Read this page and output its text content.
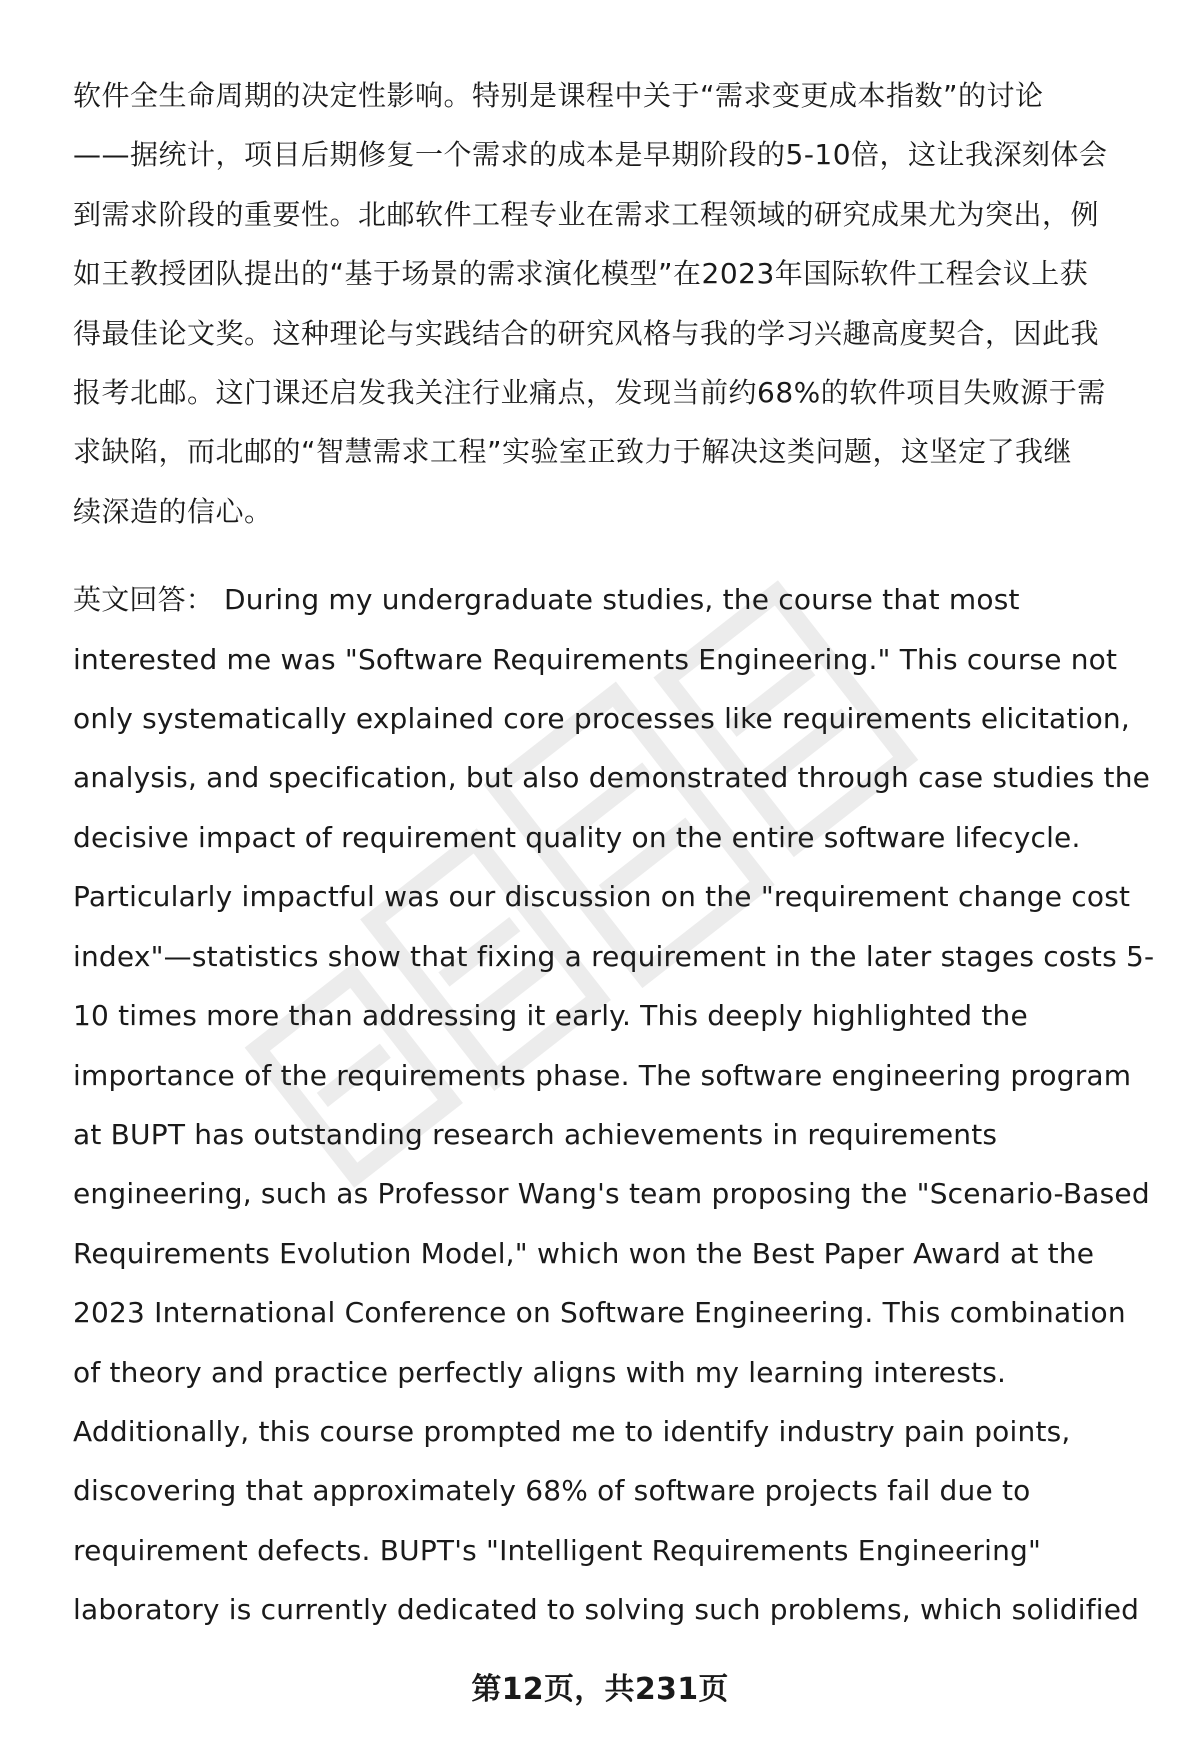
软件全生命周期的决定性影响。特别是课程中关于“需求变更成本指数”的讨论
——据统计，项目后期修复一个需求的成本是早期阶段的5-10倍，这让我深刻体会
到需求阶段的重要性。北邮软件工程专业在需求工程领域的研究成果尤为突出，例
如王教授团队提出的“基于场景的需求演化模型”在2023年国际软件工程会议上获
得最佳论文奖。这种理论与实践结合的研究风格与我的学习兴趣高度契合，因此我
报考北邮。这门课还启发我关注行业痛点，发现当前约68%的软件项目失败源于需
求缺陷，而北邮的“智慧需求工程”实验室正致力于解决这类问题，这坚定了我继
续深造的信心。

英文回答： During my undergraduate studies, the course that most
interested me was "Software Requirements Engineering." This course not
only systematically explained core processes like requirements elicitation,
analysis, and specification, but also demonstrated through case studies the
decisive impact of requirement quality on the entire software lifecycle.
Particularly impactful was our discussion on the "requirement change cost
index"—statistics show that fixing a requirement in the later stages costs 5-
10 times more than addressing it early. This deeply highlighted the
importance of the requirements phase. The software engineering program
at BUPT has outstanding research achievements in requirements
engineering, such as Professor Wang's team proposing the "Scenario-Based
Requirements Evolution Model," which won the Best Paper Award at the
2023 International Conference on Software Engineering. This combination
of theory and practice perfectly aligns with my learning interests.
Additionally, this course prompted me to identify industry pain points,
discovering that approximately 68% of software projects fail due to
requirement defects. BUPT's "Intelligent Requirements Engineering"
laboratory is currently dedicated to solving such problems, which solidified
第12页，共231页
